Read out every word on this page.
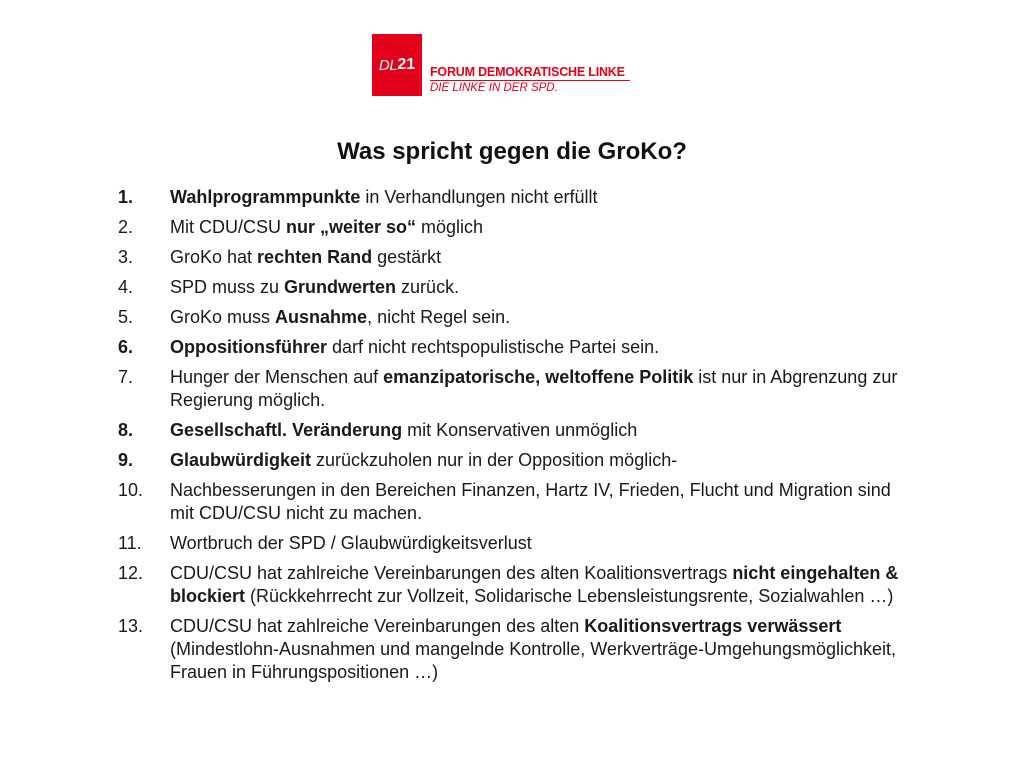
DL 21 FORUM DEMOKRATISCHE LINKE
DIE LINKE IN DER SPD.
Was spricht gegen die GroKo?
1.	Wahlprogrammpunkte in Verhandlungen nicht erfüllt
2.	Mit CDU/CSU nur „weiter so“ möglich
3.	GroKo hat rechten Rand gestärkt
4.	SPD muss zu Grundwerten zurück.
5.	GroKo muss Ausnahme, nicht Regel sein.
6.	Oppositionsführer darf nicht rechtspopulistische Partei sein.
7.	Hunger der Menschen auf emanzipatorische, weltoffene Politik ist nur in Abgrenzung zur Regierung möglich.
8.	Gesellschaftl. Veränderung mit Konservativen unmöglich
9.	Glaubwürdigkeit zurückzuholen nur in der Opposition möglich-
10.	Nachbesserungen in den Bereichen Finanzen, Hartz IV, Frieden, Flucht und Migration sind mit CDU/CSU nicht zu machen.
11.	Wortbruch der SPD / Glaubwürdigkeitsverlust
12.	CDU/CSU hat zahlreiche Vereinbarungen des alten Koalitionsvertrags nicht eingehalten & blockiert (Rückkehrrecht zur Vollzeit, Solidarische Lebensleistungsrente, Sozialwahlen …)
13.	CDU/CSU hat zahlreiche Vereinbarungen des alten Koalitionsvertrags verwässert (Mindestlohn-Ausnahmen und mangelnde Kontrolle, Werkverträge-Umgehungsmöglichkeit, Frauen in Führungspositionen …)
